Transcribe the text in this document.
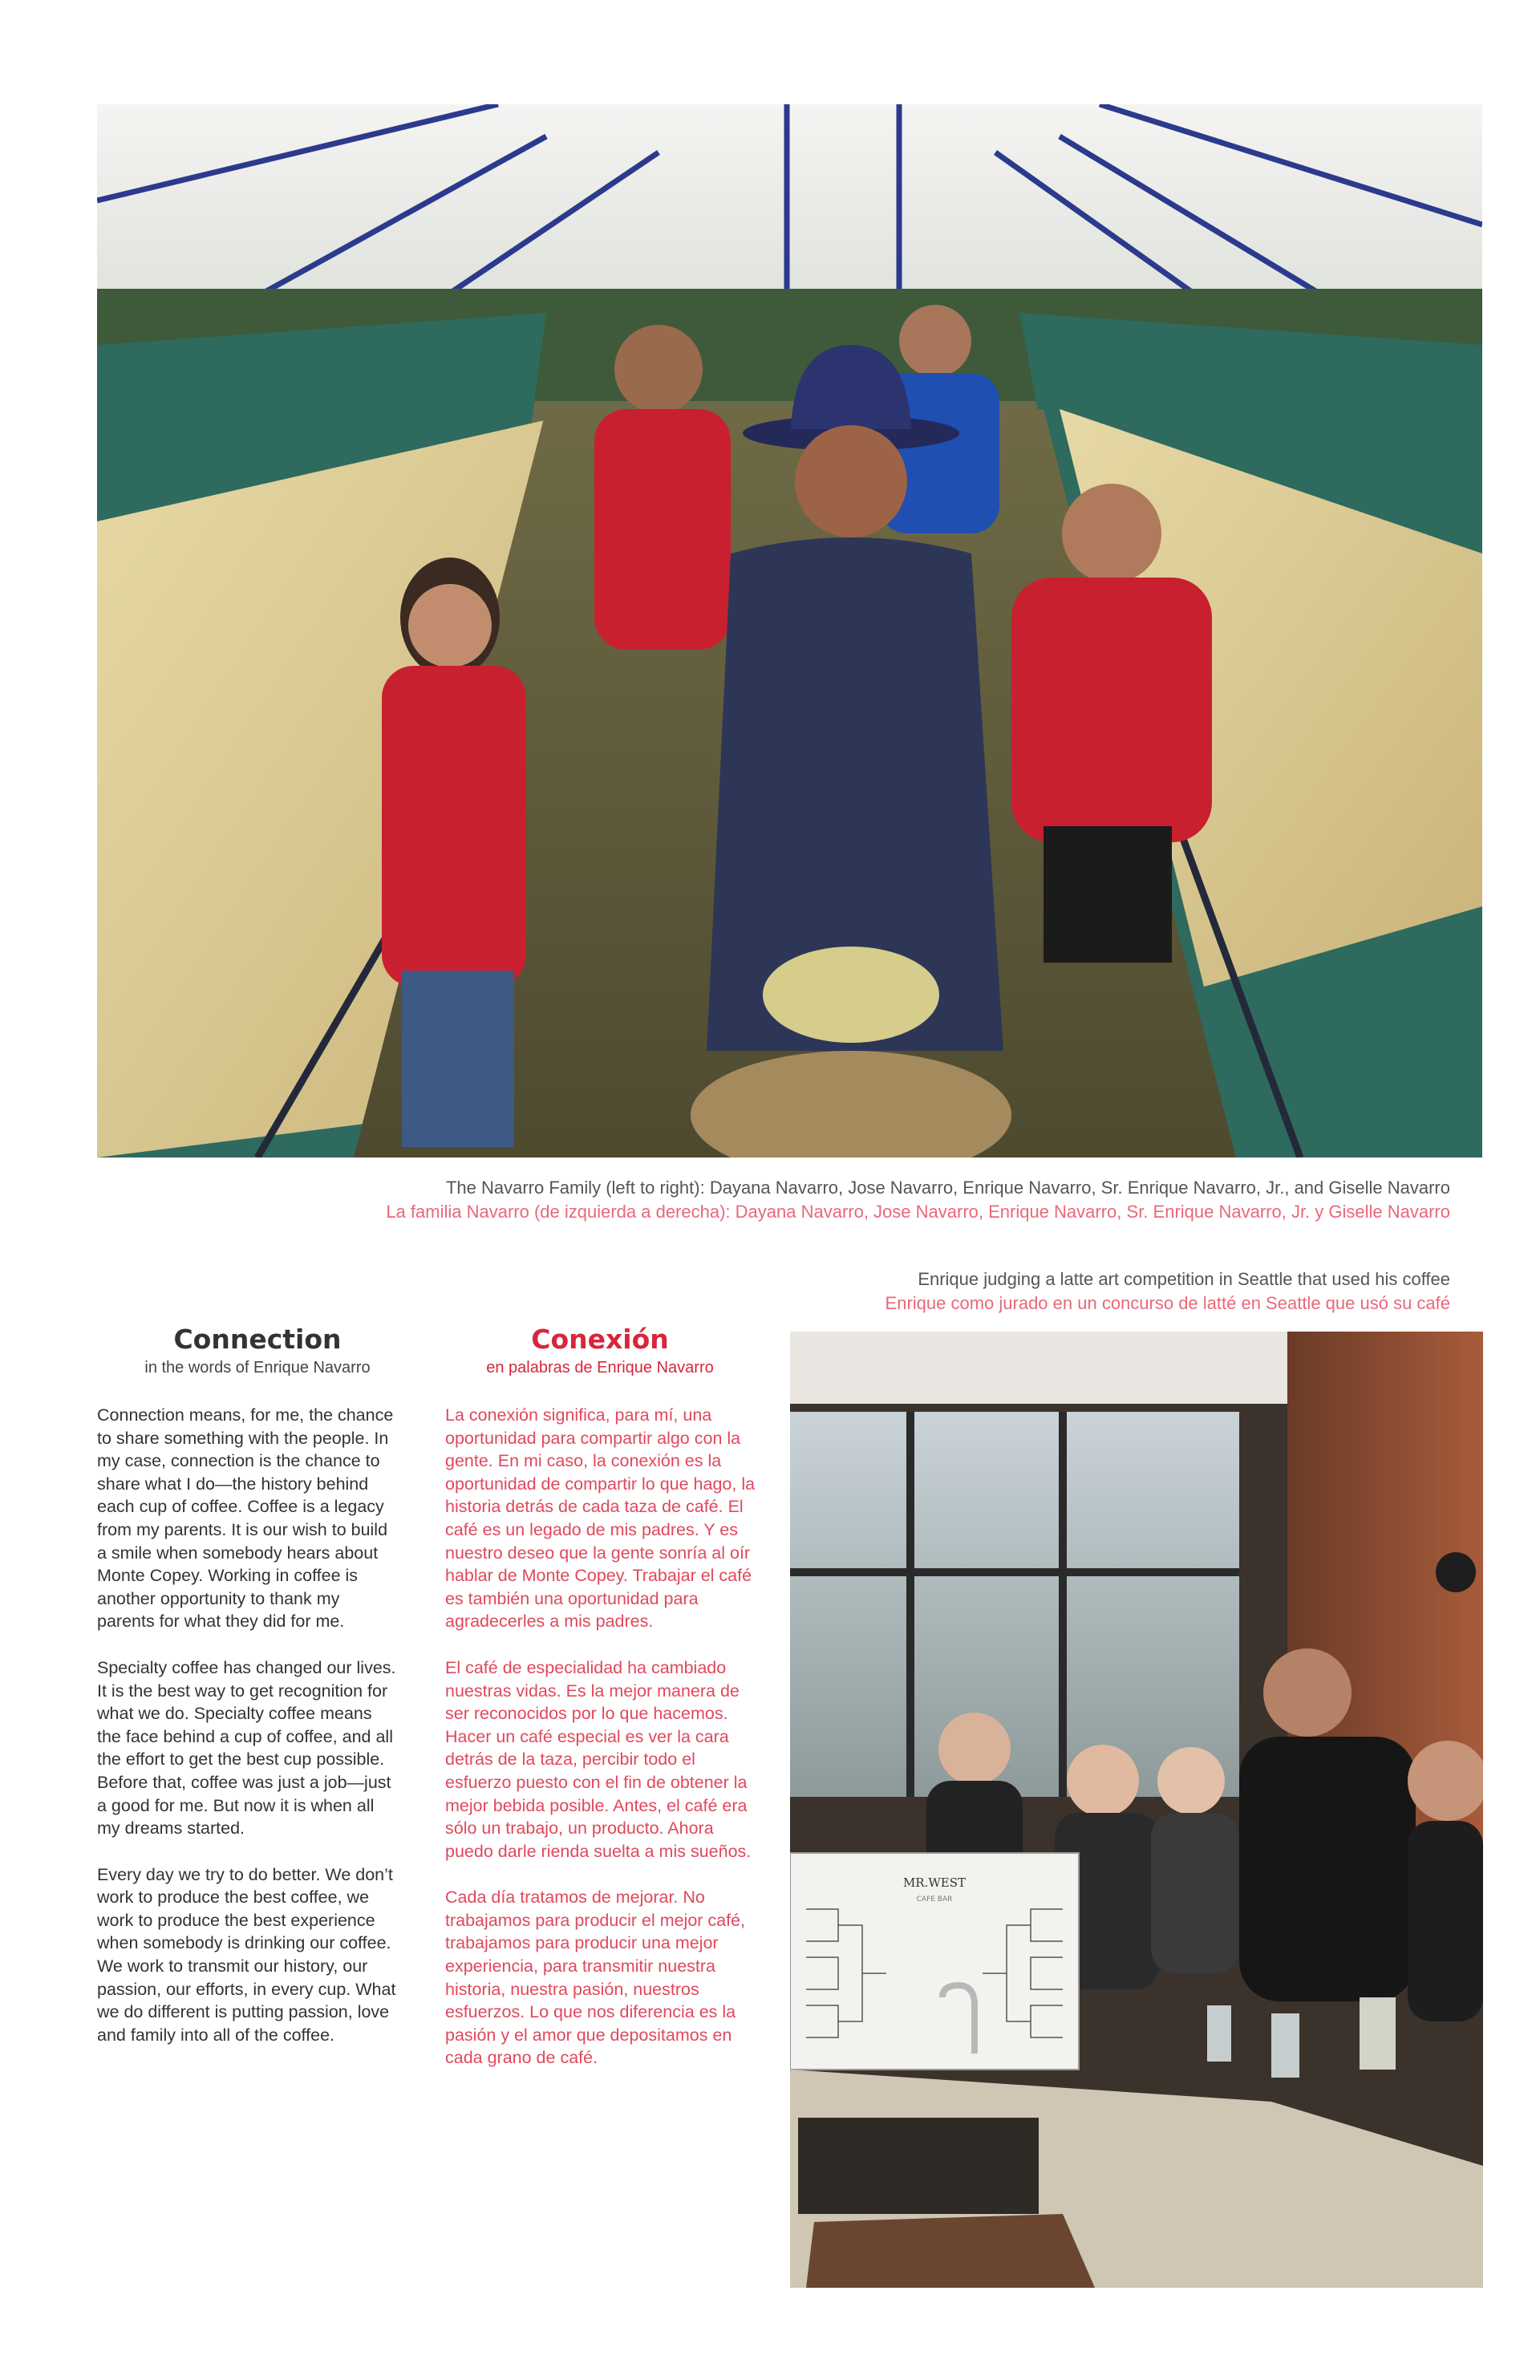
The Navarro Family (left to right): Dayana Navarro, Jose Navarro, Enrique Navarro, Sr. Enrique Navarro, Jr., and Giselle Navarro
La familia Navarro (de izquierda a derecha): Dayana Navarro, Jose Navarro, Enrique Navarro, Sr. Enrique Navarro, Jr. y Giselle Navarro
Enrique judging a latte art competition in Seattle that used his coffee
Enrique como jurado en un concurso de latté en Seattle que usó su café
Connection
in the words of Enrique Navarro

Connection means, for me, the chance to share something with the people. In my case, connection is the chance to share what I do—the history behind each cup of coffee. Coffee is a legacy from my parents. It is our wish to build a smile when somebody hears about Monte Copey. Working in coffee is another opportunity to thank my parents for what they did for me.

Specialty coffee has changed our lives. It is the best way to get recognition for what we do. Specialty coffee means the face behind a cup of coffee, and all the effort to get the best cup possible. Before that, coffee was just a job—just a good for me. But now it is when all my dreams started.

Every day we try to do better. We don’t work to produce the best coffee, we work to produce the best experience when somebody is drinking our coffee. We work to transmit our history, our passion, our efforts, in every cup. What we do different is putting passion, love and family into all of the coffee.

Conexión
en palabras de Enrique Navarro

La conexión significa, para mí, una oportunidad para compartir algo con la gente. En mi caso, la conexión es la oportunidad de compartir lo que hago, la historia detrás de cada taza de café. El café es un legado de mis padres. Y es nuestro deseo que la gente sonría al oír hablar de Monte Copey. Trabajar el café es también una oportunidad para agradecerles a mis padres.

El café de especialidad ha cambiado nuestras vidas. Es la mejor manera de ser reconocidos por lo que hacemos. Hacer un café especial es ver la cara detrás de la taza, percibir todo el esfuerzo puesto con el fin de obtener la mejor bebida posible. Antes, el café era sólo un trabajo, un producto. Ahora puedo darle rienda suelta a mis sueños.

Cada día tratamos de mejorar. No trabajamos para producir el mejor café, trabajamos para producir una mejor experiencia, para transmitir nuestra historia, nuestra pasión, nuestros esfuerzos. Lo que nos diferencia es la pasión y el amor que depositamos en cada grano de café.

MR.WEST
CAFE BAR
